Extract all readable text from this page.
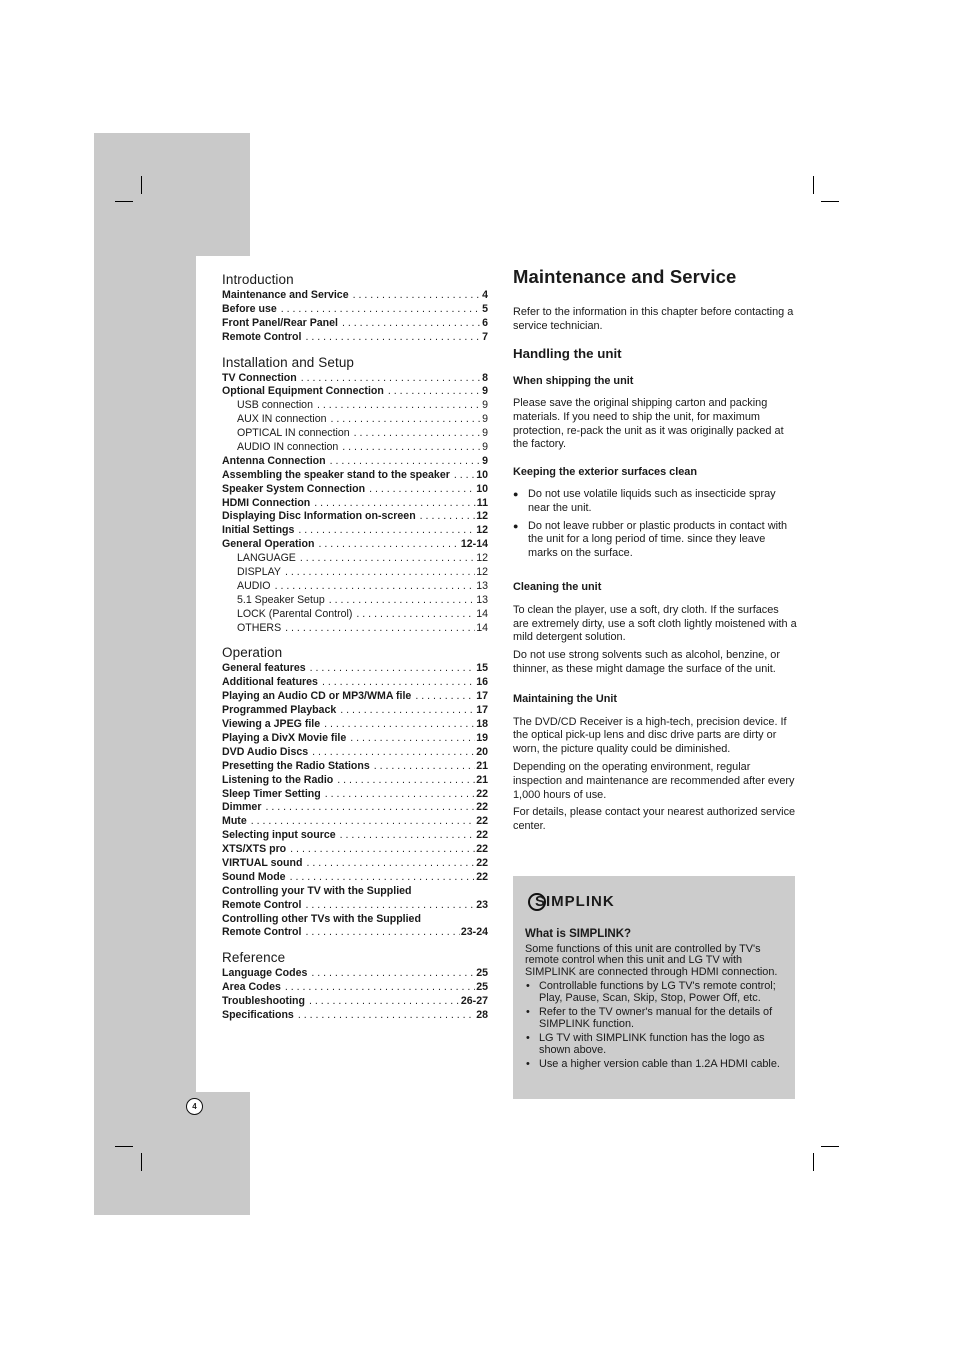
Introduction
Maintenance and Service . . .	4
Before use . . .	5
Front Panel/Rear Panel . . .	6
Remote Control . . .	7
Installation and Setup
TV Connection . . .	8
Optional Equipment Connection . . .	9
USB connection . . .	9
AUX IN connection . . .	9
OPTICAL IN connection . . .	9
AUDIO IN connection . . .	9
Antenna Connection . . .	9
Assembling the speaker stand to the speaker . . . 10
Speaker System Connection . . .	10
HDMI Connection . . .	11
Displaying Disc Information on-screen . . .	12
Initial Settings . . .	12
General Operation . . .	12-14
LANGUAGE . . .	12
DISPLAY . . .	12
AUDIO . . .	13
5.1 Speaker Setup . . .	13
LOCK (Parental Control) . . .	14
OTHERS . . .	14
Operation
General features . . .	15
Additional features . . .	16
Playing an Audio CD or MP3/WMA file . . .	17
Programmed Playback . . .	17
Viewing a JPEG file . . .	18
Playing a DivX Movie file . . .	19
DVD Audio Discs . . .	20
Presetting the Radio Stations . . .	21
Listening to the Radio . . .	21
Sleep Timer Setting . . .	22
Dimmer . . .	22
Mute . . .	22
Selecting input source . . .	22
XTS/XTS pro . . .	22
VIRTUAL sound . . .	22
Sound Mode . . .	22
Controlling your TV with the Supplied
Remote Control . . .	23
Controlling other TVs with the Supplied
Remote Control . . .	23-24
Reference
Language Codes . . .	25
Area Codes . . .	25
Troubleshooting . . .	26-27
Specifications . . .	28
Maintenance and Service

Refer to the information in this chapter before contacting a service technician.

Handling the unit
When shipping the unit

Please save the original shipping carton and packing materials. If you need to ship the unit, for maximum protection, re-pack the unit as it was originally packed at the factory.

Keeping the exterior surfaces clean
● Do not use volatile liquids such as insecticide spray near the unit.
● Do not leave rubber or plastic products in contact with the unit for a long period of time. since they leave marks on the surface.
Cleaning the unit

To clean the player, use a soft, dry cloth. If the surfaces are extremely dirty, use a soft cloth lightly moistened with a mild detergent solution.

Do not use strong solvents such as alcohol, benzine, or thinner, as these might damage the surface of the unit.

Maintaining the Unit

The DVD/CD Receiver is a high-tech, precision device. If the optical pick-up lens and disc drive parts are dirty or worn, the picture quality could be diminished.

Depending on the operating environment, regular inspection and maintenance are recommended after every 1,000 hours of use.

For details, please contact your nearest authorized service center.

S IMPLINK
What is SIMPLINK?

Some functions of this unit are controlled by TV's remote control when this unit and LG TV with SIMPLINK are connected through HDMI connection.

• Controllable functions by LG TV's remote control; Play, Pause, Scan, Skip, Stop, Power Off, etc.
• Refer to the TV owner's manual for the details of SIMPLINK function.
• LG TV with SIMPLINK function has the logo as shown above.
• Use a higher version cable than 1.2A HDMI cable.
4
